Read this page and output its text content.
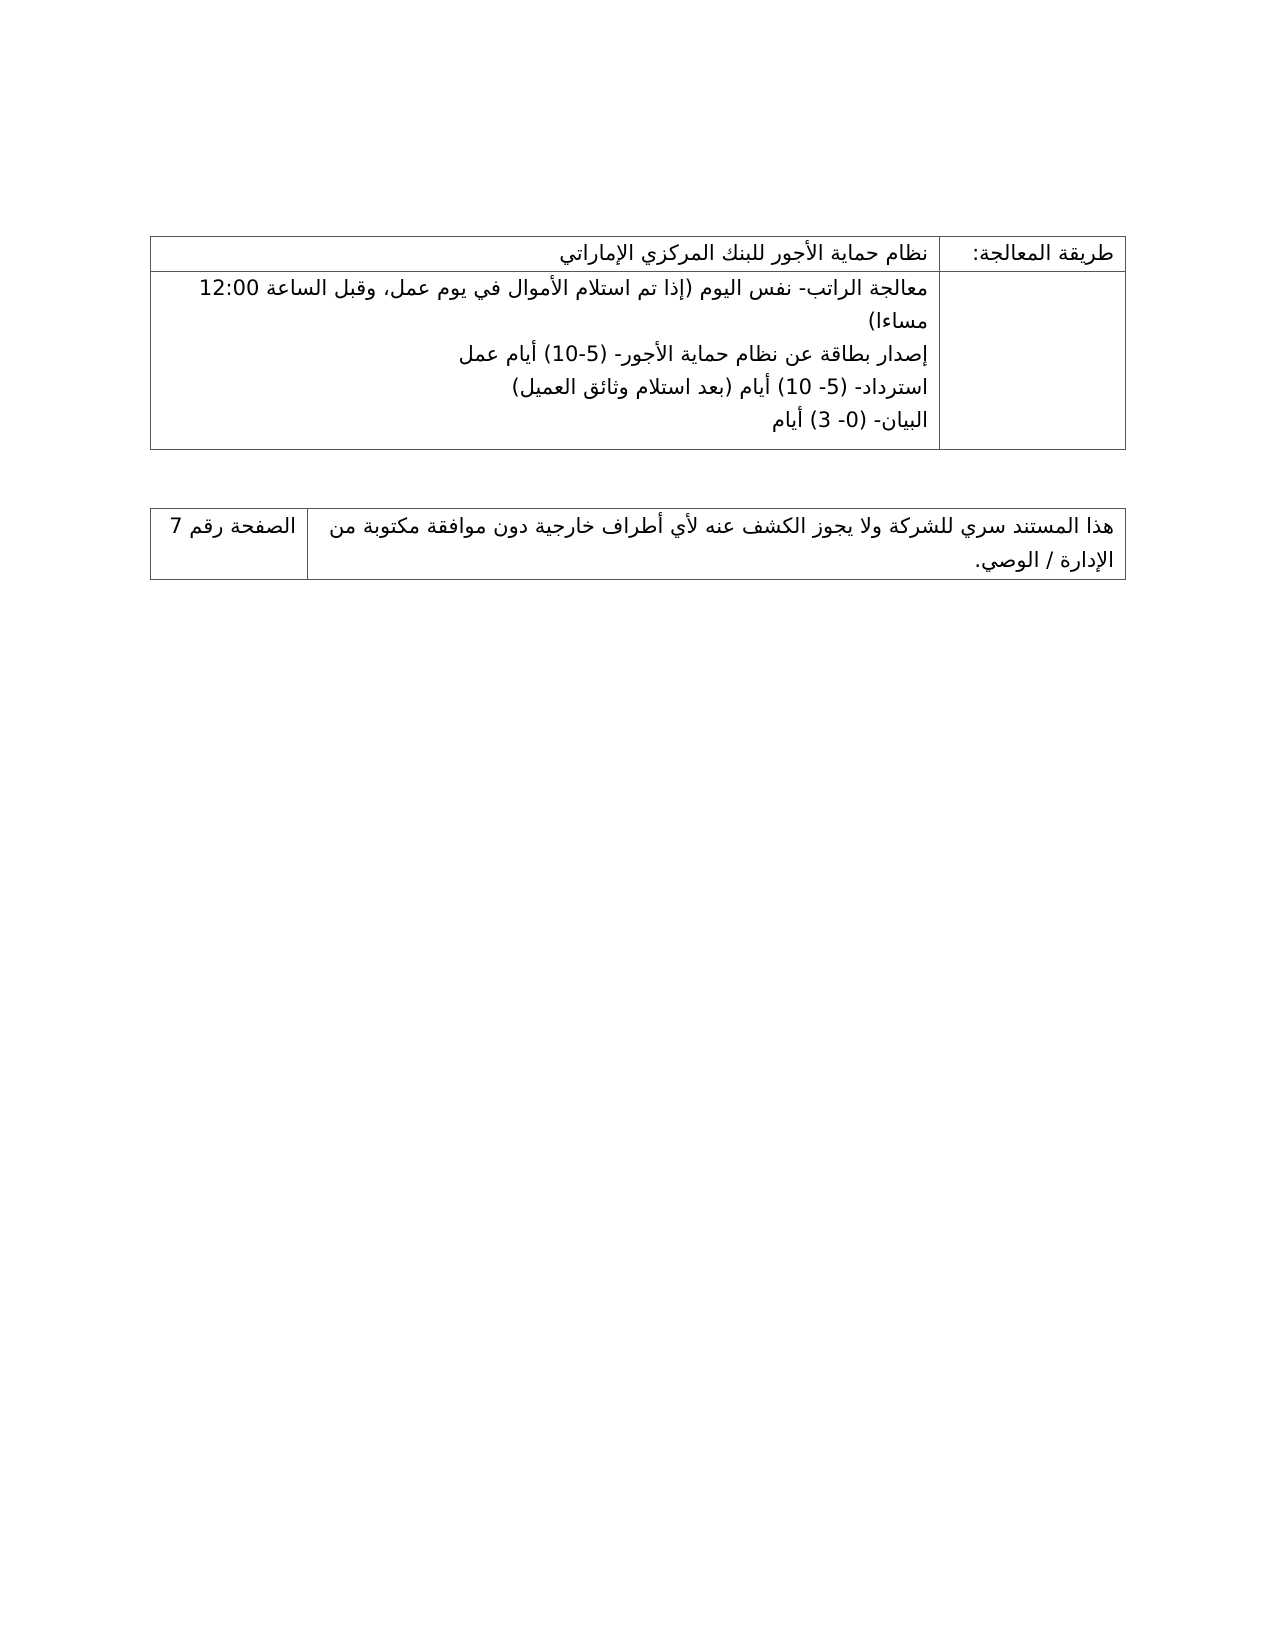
طريقة المعالجة:	نظام حماية الأجور للبنك المركزي الإماراتي

	معالجة الراتب- نفس اليوم (إذا تم استلام الأموال في يوم عمل، وقبل الساعة 12:00 مساءا)
إصدار بطاقة عن نظام حماية الأجور- (5-10) أيام عمل
استرداد- (5- 10) أيام (بعد استلام وثائق العميل)
البيان- (0- 3) أيام
هذا المستند سري للشركة ولا يجوز الكشف عنه لأي أطراف خارجية دون موافقة مكتوبة من الإدارة / الوصي.	الصفحة رقم 7
